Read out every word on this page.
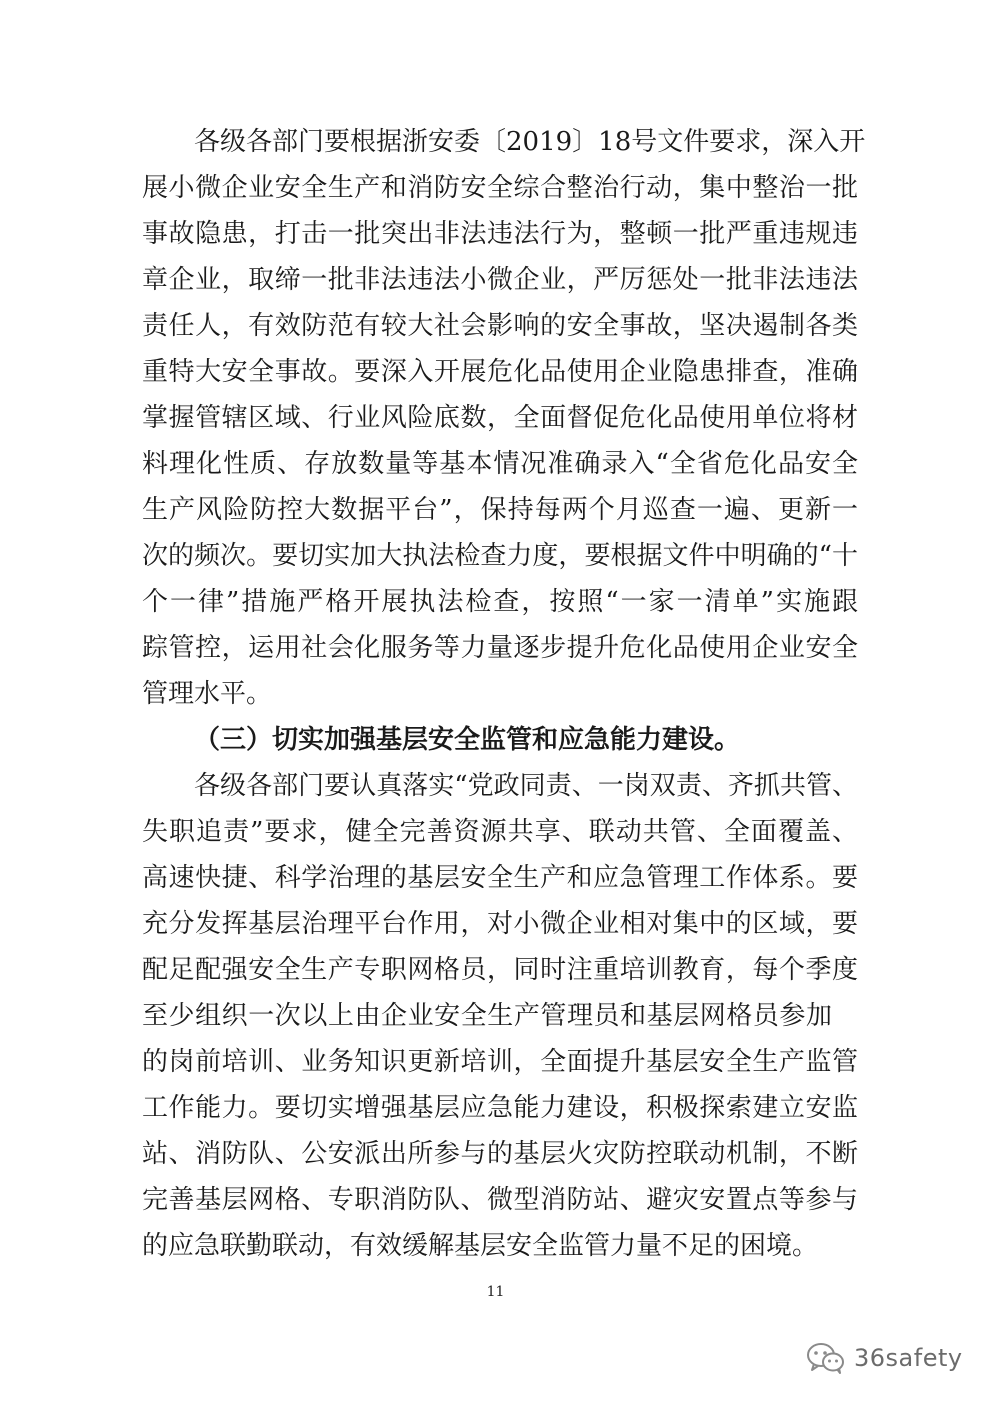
各级各部门要根据浙安委〔2019〕18号文件要求，深入开
展小微企业安全生产和消防安全综合整治行动，集中整治一批
事故隐患，打击一批突出非法违法行为，整顿一批严重违规违
章企业，取缔一批非法违法小微企业，严厉惩处一批非法违法
责任人，有效防范有较大社会影响的安全事故，坚决遏制各类
重特大安全事故。要深入开展危化品使用企业隐患排查，准确
掌握管辖区域、行业风险底数，全面督促危化品使用单位将材
料理化性质、存放数量等基本情况准确录入“全省危化品安全
生产风险防控大数据平台”，保持每两个月巡查一遍、更新一
次的频次。要切实加大执法检查力度，要根据文件中明确的“十
个一律”措施严格开展执法检查，按照“一家一清单”实施跟
踪管控，运用社会化服务等力量逐步提升危化品使用企业安全
管理水平。
（三）切实加强基层安全监管和应急能力建设。
各级各部门要认真落实“党政同责、一岗双责、齐抓共管、
失职追责”要求，健全完善资源共享、联动共管、全面覆盖、
高速快捷、科学治理的基层安全生产和应急管理工作体系。要
充分发挥基层治理平台作用，对小微企业相对集中的区域，要
配足配强安全生产专职网格员，同时注重培训教育，每个季度
至少组织一次以上由企业安全生产管理员和基层网格员参加
的岗前培训、业务知识更新培训，全面提升基层安全生产监管
工作能力。要切实增强基层应急能力建设，积极探索建立安监
站、消防队、公安派出所参与的基层火灾防控联动机制，不断
完善基层网格、专职消防队、微型消防站、避灾安置点等参与
的应急联勤联动，有效缓解基层安全监管力量不足的困境。
11
36safety
